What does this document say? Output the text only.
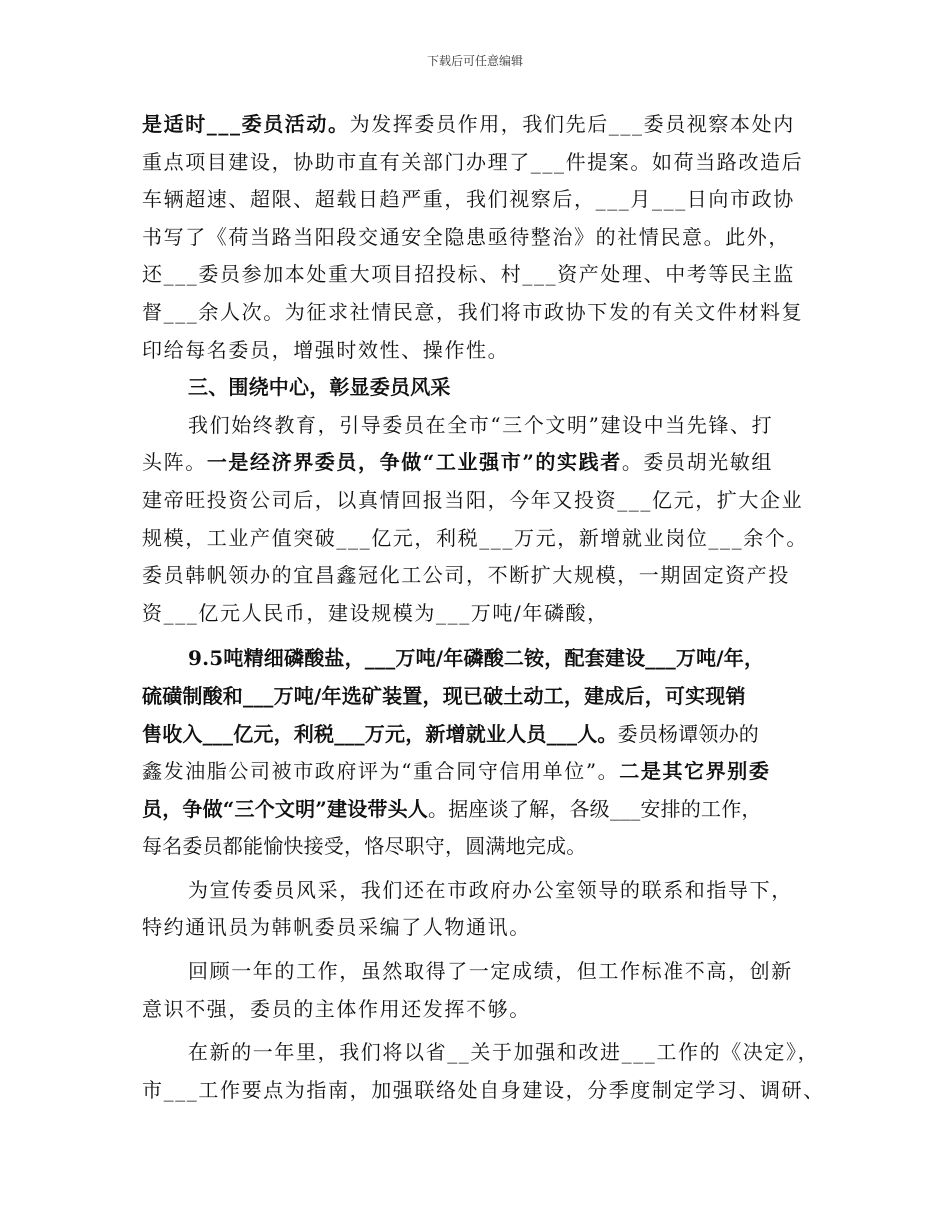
下载后可任意编辑
是适时___委员活动。为发挥委员作用，我们先后___委员视察本处内
重点项目建设，协助市直有关部门办理了___件提案。如荷当路改造后
车辆超速、超限、超载日趋严重，我们视察后，___月___日向市政协
书写了《荷当路当阳段交通安全隐患亟待整治》的社情民意。此外，
还___委员参加本处重大项目招投标、村___资产处理、中考等民主监
督___余人次。为征求社情民意，我们将市政协下发的有关文件材料复
印给每名委员，增强时效性、操作性。
三、围绕中心，彰显委员风采
我们始终教育，引导委员在全市“三个文明”建设中当先锋、打
头阵。一是经济界委员，争做“工业强市”的实践者。委员胡光敏组
建帝旺投资公司后，以真情回报当阳，今年又投资___亿元，扩大企业
规模，工业产值突破___亿元，利税___万元，新增就业岗位___余个。
委员韩帆领办的宜昌鑫冠化工公司，不断扩大规模，一期固定资产投
资___亿元人民币，建设规模为___万吨/年磷酸，
9.5吨精细磷酸盐，___万吨/年磷酸二铵，配套建设___万吨/年，
硫磺制酸和___万吨/年选矿装置，现已破土动工，建成后，可实现销
售收入___亿元，利税___万元，新增就业人员___人。委员杨谭领办的
鑫发油脂公司被市政府评为“重合同守信用单位”。二是其它界别委
员，争做“三个文明”建设带头人。据座谈了解，各级___安排的工作，
每名委员都能愉快接受，恪尽职守，圆满地完成。
为宣传委员风采，我们还在市政府办公室领导的联系和指导下，
特约通讯员为韩帆委员采编了人物通讯。
回顾一年的工作，虽然取得了一定成绩，但工作标准不高，创新
意识不强，委员的主体作用还发挥不够。
在新的一年里，我们将以省__关于加强和改进___工作的《决定》，
市___工作要点为指南，加强联络处自身建设，分季度制定学习、调研、
